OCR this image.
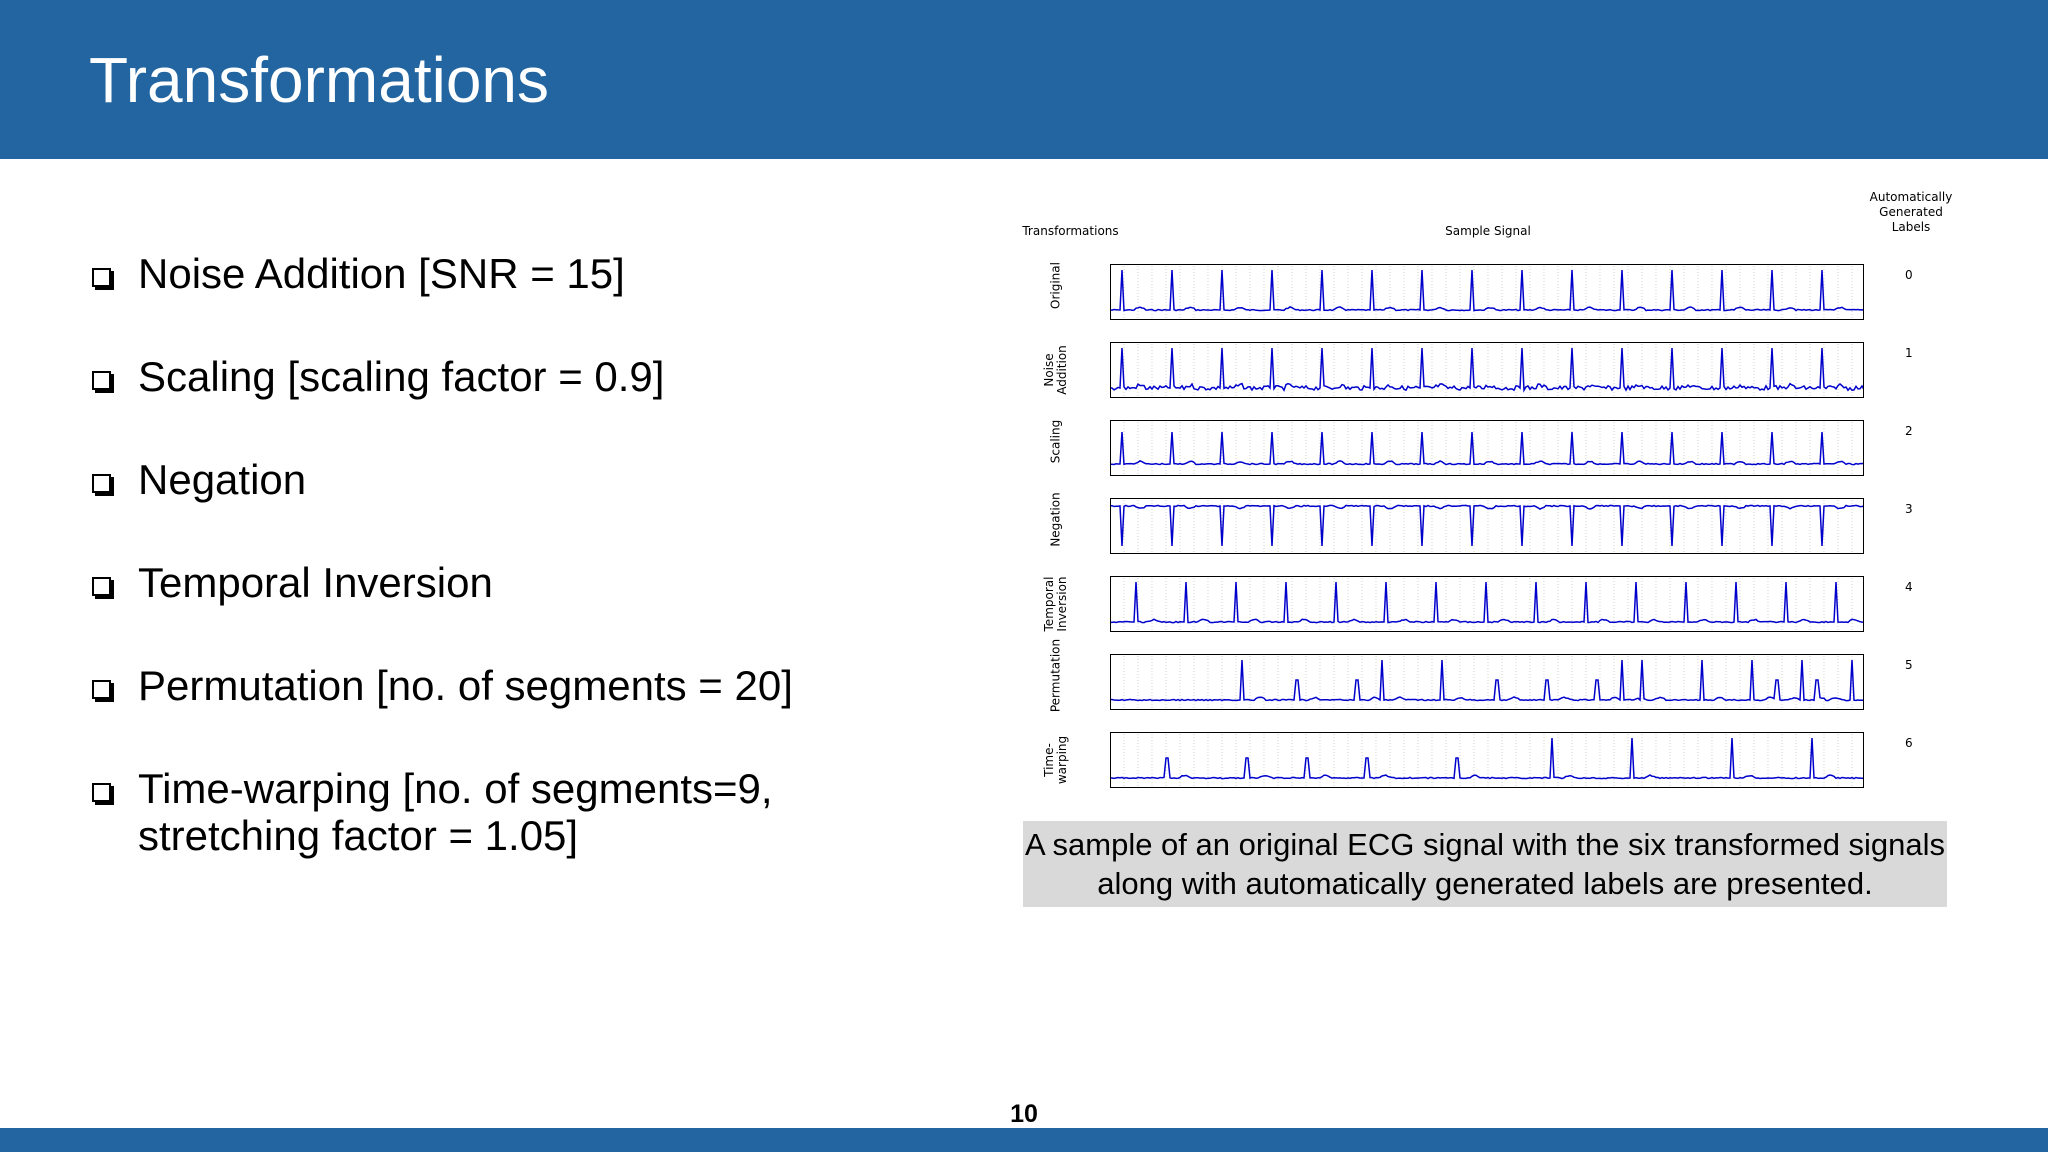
Transformations
Noise Addition [SNR = 15]
Scaling [scaling factor = 0.9]
Negation
Temporal Inversion
Permutation [no. of segments = 20]
Time-warping [no. of segments=9, stretching factor = 1.05]
Transformations	Sample Signal
Automatically
Generated
Labels
Original	0
Noise Addition	1
Scaling	2
Negation	3
Temporal Inversion	4
Permutation	5
Time- warping	6
A sample of an original ECG signal with the six transformed signals along with automatically generated labels are presented.
10
